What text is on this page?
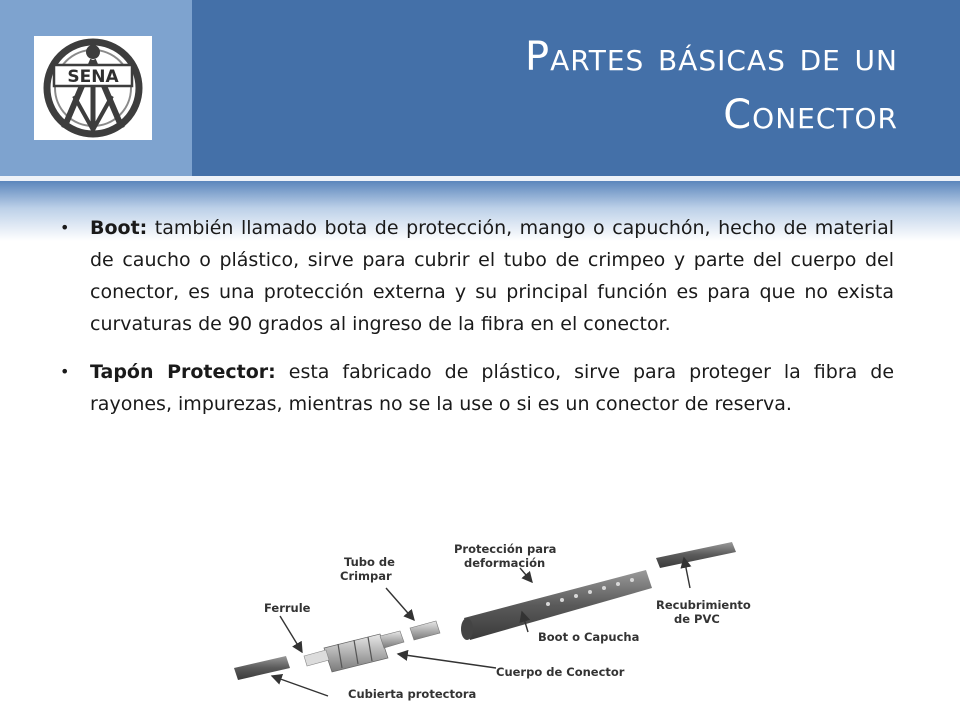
SENA	Partes básicas de un
Conector

• Boot: también llamado bota de protección, mango o capuchón, hecho de material de caucho o plástico, sirve para cubrir el tubo de crimpeo y parte del cuerpo del conector, es una protección externa y su principal función es para que no exista curvaturas de 90 grados al ingreso de la fibra en el conector.

• Tapón Protector: esta fabricado de plástico, sirve para proteger la fibra de rayones, impurezas, mientras no se la use o si es un conector de reserva.

Protección para
deformación
Tubo de
Crimpar
Ferrule	Recubrimiento
de PVC
Boot o Capucha
Cuerpo de Conector
Cubierta protectora
